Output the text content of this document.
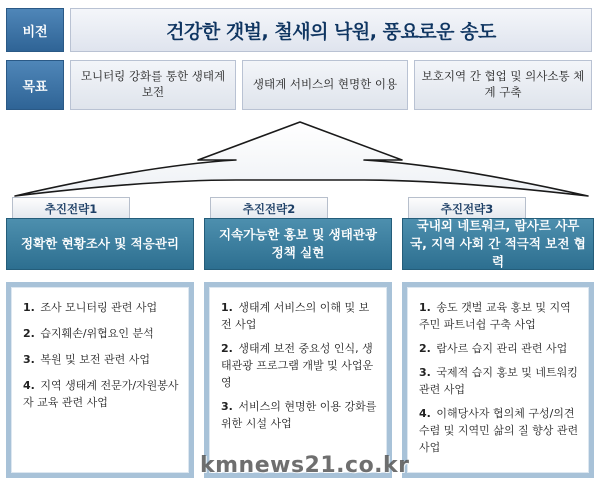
비전	건강한 갯벌, 철새의 낙원, 풍요로운 송도
목표
모니터링 강화를 통한 생태계 보전
생태계 서비스의 현명한 이용
보호지역 간 협업 및 의사소통 체계 구축
추진전략1
정확한 현황조사 및 적응관리
1. 조사 모니터링 관련 사업
2. 습지훼손/위협요인 분석
3. 복원 및 보전 관련 사업
4. 지역 생태계 전문가/자원봉사자 교육 관련 사업
추진전략2
지속가능한 홍보 및 생태관광 정책 실현
1. 생태계 서비스의 이해 및 보전 사업
2. 생태계 보전 중요성 인식, 생태관광 프로그램 개발 및 사업운영
3. 서비스의 현명한 이용 강화를 위한 시설 사업
추진전략3
국내외 네트워크, 람사르 사무국, 지역 사회 간 적극적 보전 협력
1. 송도 갯벌 교육 홍보 및 지역주민 파트너쉽 구축 사업
2. 람사르 습지 관리 관련 사업
3. 국제적 습지 홍보 및 네트워킹 관련 사업
4. 이해당사자 협의체 구성/의견 수렴 및 지역민 삶의 질 향상 관련 사업
kmnews21.co.kr
